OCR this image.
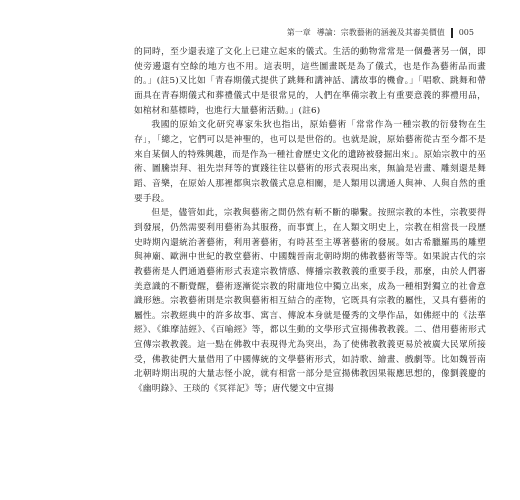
第一章 導論：宗教藝術的涵義及其審美價值 005

的同時，至少還表達了文化上已建立起來的儀式。生活的動物常常是一個疊著另一個，即使旁邊還有空餘的地方也不用。這表明，這些圖畫既是為了儀式，也是作為藝術品而畫的。」(註5)又比如「青春期儀式提供了跳舞和講神話、講故事的機會。」「唱歌、跳舞和帶面具在青春期儀式和葬禮儀式中是很常見的，人們在準備宗教上有重要意義的葬禮用品，如棺材和墓標時，也進行大量藝術活動。」(註6)

我國的原始文化研究專家朱狄也指出，原始藝術「常常作為一種宗教的衍發物在生存」，「總之，它們可以是神聖的，也可以是世俗的。也就是說，原始藝術從古至今都不是來自某個人的特殊興趣，而是作為一種社會歷史文化的遺跡被發掘出來」。原始宗教中的巫術、圖騰崇拜、祖先崇拜等的實踐往往以藝術的形式表現出來，無論是岩畫、雕刻還是舞蹈、音樂，在原始人那裡都與宗教儀式息息相關，是人類用以溝通人與神、人與自然的重要手段。

但是，儘管如此，宗教與藝術之間仍然有斬不斷的聯繫。按照宗教的本性，宗教要得到發展，仍然需要利用藝術為其服務，而事實上，在人類文明史上，宗教在相當長一段歷史時期內還統治著藝術，利用著藝術，有時甚至主導著藝術的發展。如古希臘羅馬的雕塑與神廟、歐洲中世紀的教堂藝術、中國魏晉南北朝時期的佛教藝術等等。如果說古代的宗教藝術是人們通過藝術形式表達宗教情感、傳播宗教教義的重要手段，那麼，由於人們審美意識的不斷覺醒，藝術逐漸從宗教的附庸地位中獨立出來，成為一種相對獨立的社會意識形態。宗教藝術則是宗教與藝術相互結合的產物，它既具有宗教的屬性，又具有藝術的屬性。宗教經典中的許多故事、寓言、傳說本身就是優秀的文學作品，如佛經中的《法華經》、《維摩詰經》、《百喻經》等，都以生動的文學形式宣揚佛教教義。二、借用藝術形式宣傳宗教教義。這一點在佛教中表現得尤為突出，為了使佛教教義更易於被廣大民眾所接受，佛教徒們大量借用了中國傳統的文學藝術形式，如詩歌、繪畫、戲劇等。比如魏晉南北朝時期出現的大量志怪小說，就有相當一部分是宣揚佛教因果報應思想的，像劉義慶的《幽明錄》、王琰的《冥祥記》等；唐代變文中宣揚
